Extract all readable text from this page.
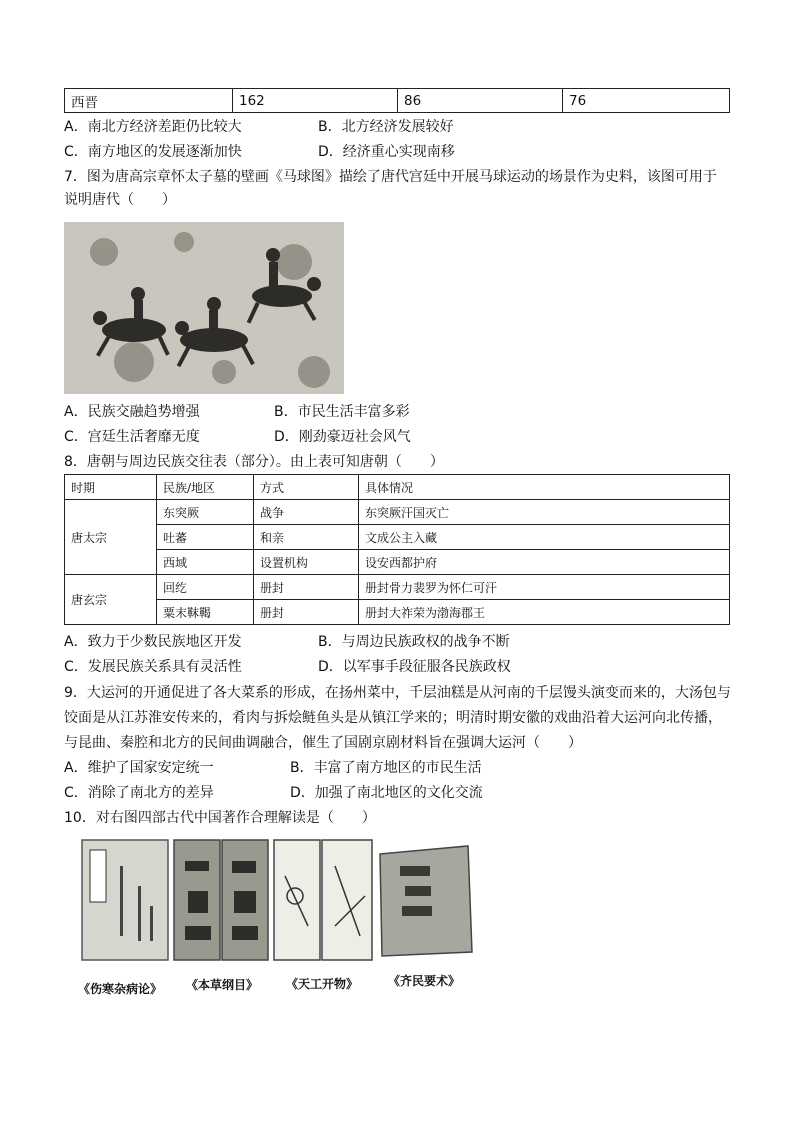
西晋	162	86	76
A．南北方经济差距仍比较大	B．北方经济发展较好
C．南方地区的发展逐渐加快	D．经济重心实现南移
7．图为唐高宗章怀太子墓的壁画《马球图》描绘了唐代宫廷中开展马球运动的场景作为史料，该图可用于
说明唐代（　　）
A．民族交融趋势增强	B．市民生活丰富多彩
C．宫廷生活奢靡无度	D．刚劲豪迈社会风气
8．唐朝与周边民族交往表（部分）。由上表可知唐朝（　　）
时期	民族/地区	方式	具体情况
唐太宗	东突厥	战争	东突厥汗国灭亡
	吐蕃	和亲	文成公主入藏
	西域	设置机构	设安西都护府
唐玄宗	回纥	册封	册封骨力裴罗为怀仁可汗
	粟末靺鞨	册封	册封大祚荣为渤海郡王
A．致力于少数民族地区开发	B．与周边民族政权的战争不断
C．发展民族关系具有灵活性	D．以军事手段征服各民族政权
9．大运河的开通促进了各大菜系的形成，在扬州菜中，千层油糕是从河南的千层馒头演变而来的，大汤包与
饺面是从江苏淮安传来的，肴肉与拆烩鲢鱼头是从镇江学来的；明清时期安徽的戏曲沿着大运河向北传播，
与昆曲、秦腔和北方的民间曲调融合，催生了国剧京剧材料旨在强调大运河（　　）
A．维护了国家安定统一	B．丰富了南方地区的市民生活
C．消除了南北方的差异	D．加强了南北地区的文化交流
10．对右图四部古代中国著作合理解读是（　　）
《伤寒杂病论》 《本草纲目》 《天工开物》 《齐民要术》
